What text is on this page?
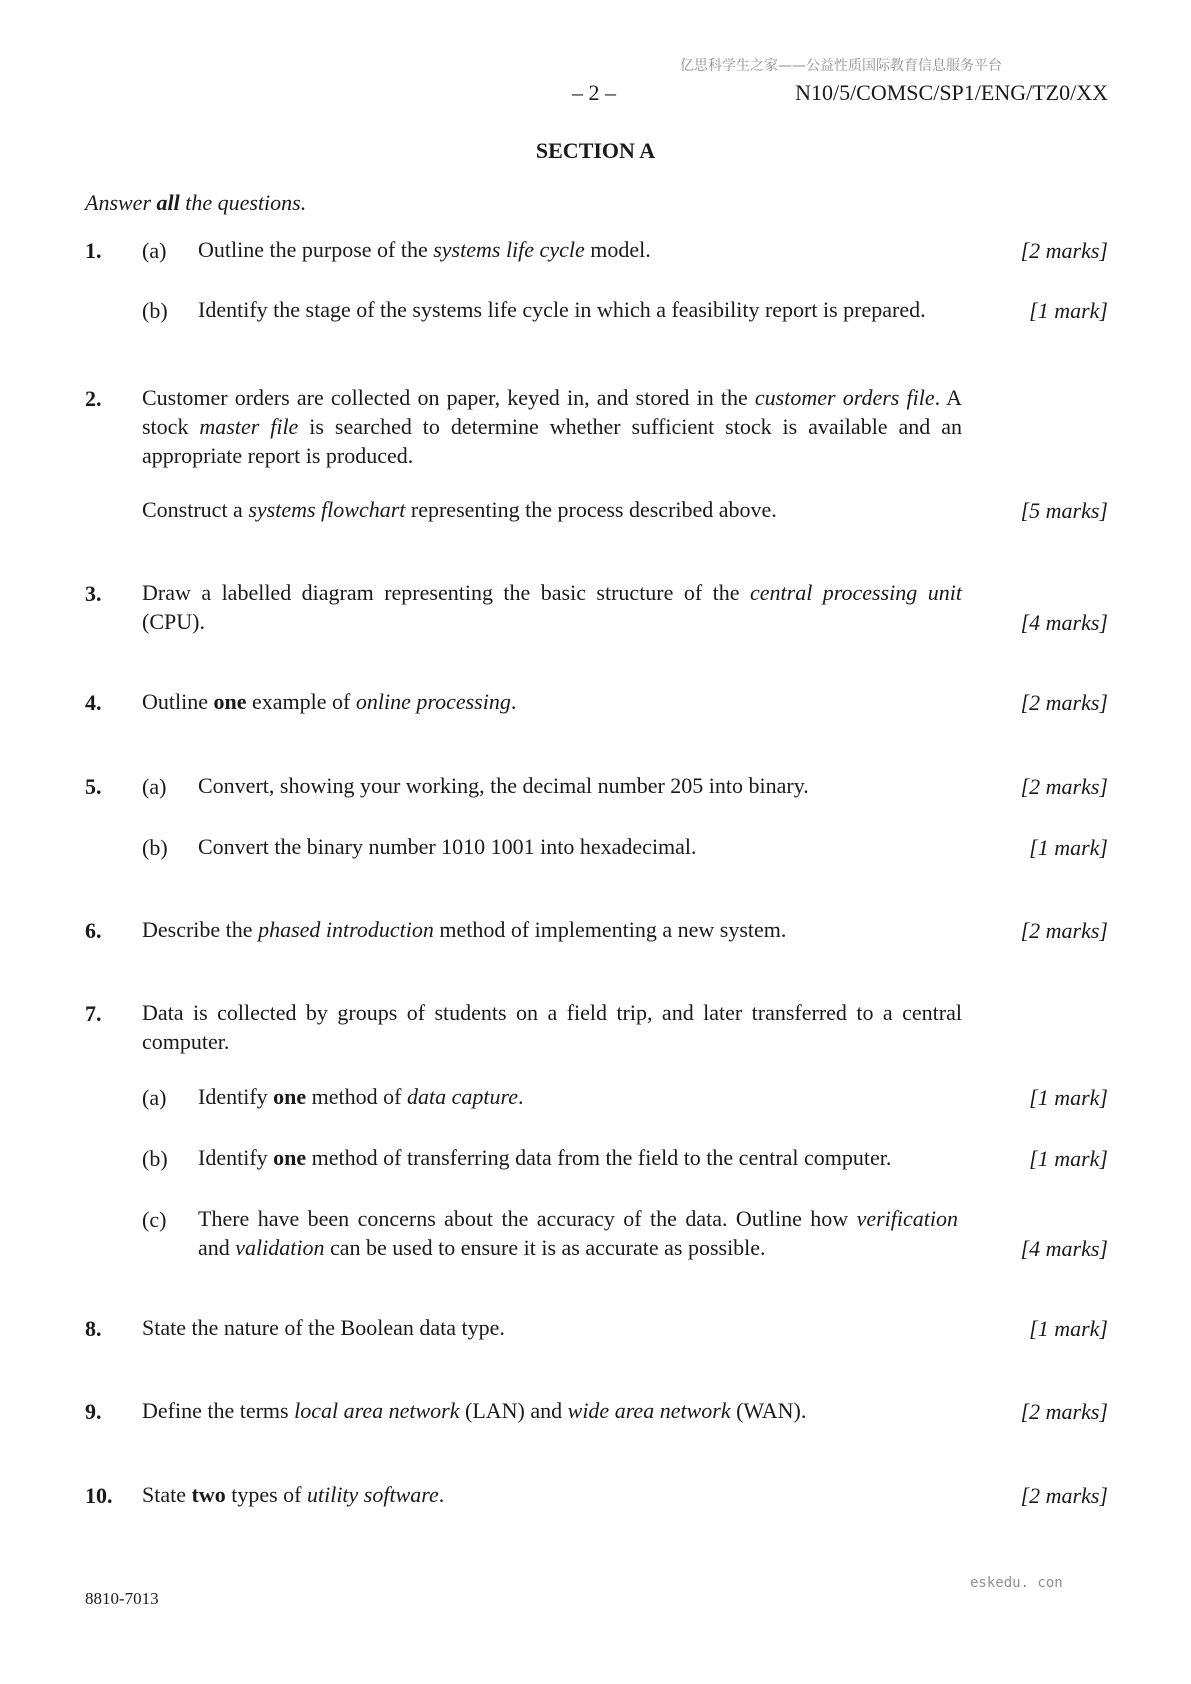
亿思科学生之家——公益性质国际教育信息服务平台
– 2 –	N10/5/COMSC/SP1/ENG/TZ0/XX
SECTION A
Answer all the questions.
1. (a) Outline the purpose of the systems life cycle model.	[2 marks]
(b) Identify the stage of the systems life cycle in which a feasibility report is prepared.	[1 mark]
2. Customer orders are collected on paper, keyed in, and stored in the customer orders file. A stock master file is searched to determine whether sufficient stock is available and an appropriate report is produced.
Construct a systems flowchart representing the process described above.	[5 marks]
3. Draw a labelled diagram representing the basic structure of the central processing unit (CPU).	[4 marks]
4. Outline one example of online processing.	[2 marks]
5. (a) Convert, showing your working, the decimal number 205 into binary.	[2 marks]
(b) Convert the binary number 1010 1001 into hexadecimal.	[1 mark]
6. Describe the phased introduction method of implementing a new system.	[2 marks]
7. Data is collected by groups of students on a field trip, and later transferred to a central computer.
(a) Identify one method of data capture.	[1 mark]
(b) Identify one method of transferring data from the field to the central computer.	[1 mark]
(c) There have been concerns about the accuracy of the data. Outline how verification and validation can be used to ensure it is as accurate as possible.	[4 marks]
8. State the nature of the Boolean data type.	[1 mark]
9. Define the terms local area network (LAN) and wide area network (WAN).	[2 marks]
10. State two types of utility software.	[2 marks]
eskedu. con
8810-7013
